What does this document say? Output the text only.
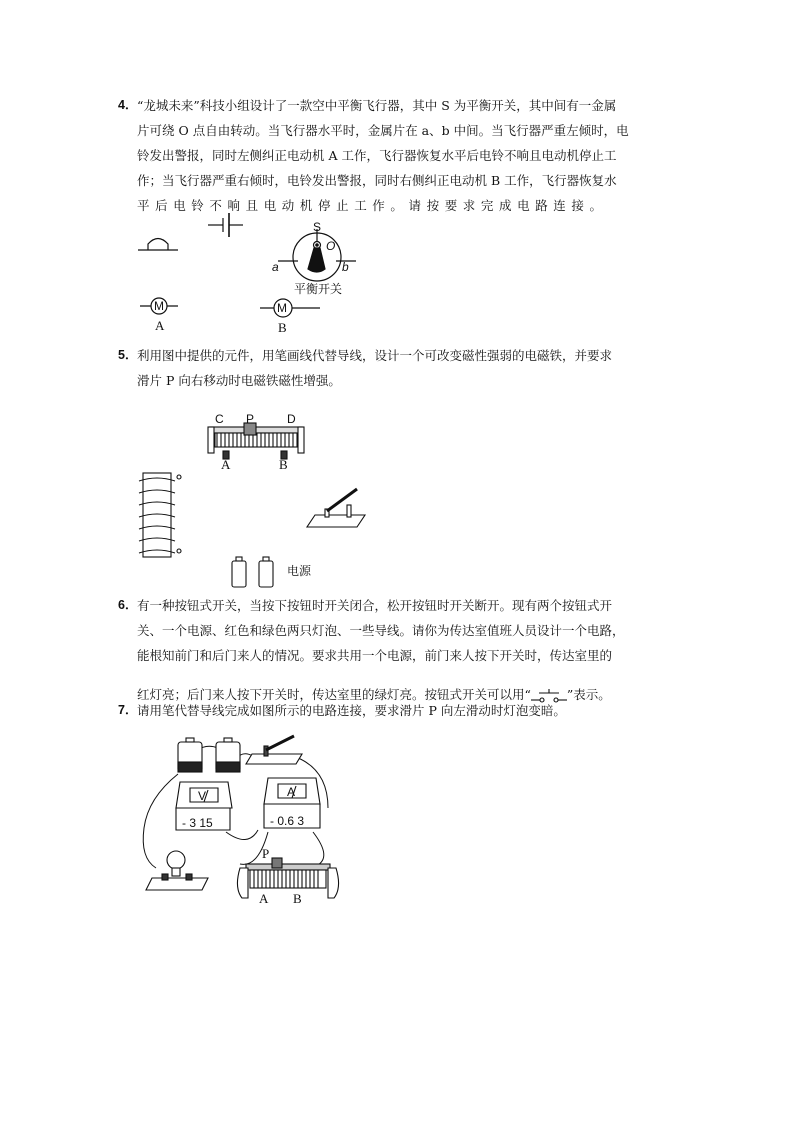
4． “龙城未来”科技小组设计了一款空中平衡飞行器，其中 S 为平衡开关，其中间有一金属
片可绕 O 点自由转动。当飞行器水平时，金属片在 a、b 中间。当飞行器严重左倾时，电
铃发出警报，同时左侧纠正电动机 A 工作，飞行器恢复水平后电铃不响且电动机停止工
作；当飞行器严重右倾时，电铃发出警报，同时右侧纠正电动机 B 工作，飞行器恢复水
平后电铃不响且电动机停止工作。请按要求完成电路连接。
S
O
a	b
平衡开关
M
A
M
B
5． 利用图中提供的元件，用笔画线代替导线，设计一个可改变磁性强弱的电磁铁，并要求
滑片 P 向右移动时电磁铁磁性增强。
C P	D
A	B
电源
6． 有一种按钮式开关，当按下按钮时开关闭合，松开按钮时开关断开。现有两个按钮式开
关、一个电源、红色和绿色两只灯泡、一些导线。请你为传达室值班人员设计一个电路，
能根知前门和后门来人的情况。要求共用一个电源，前门来人按下开关时，传达室里的
红灯亮；后门来人按下开关时，传达室里的绿灯亮。按钮式开关可以用“	”表示。
7． 请用笔代替导线完成如图所示的电路连接，要求滑片 P 向左滑动时灯泡变暗。
V
- 3 15
A
- 0.6 3
P
A B
